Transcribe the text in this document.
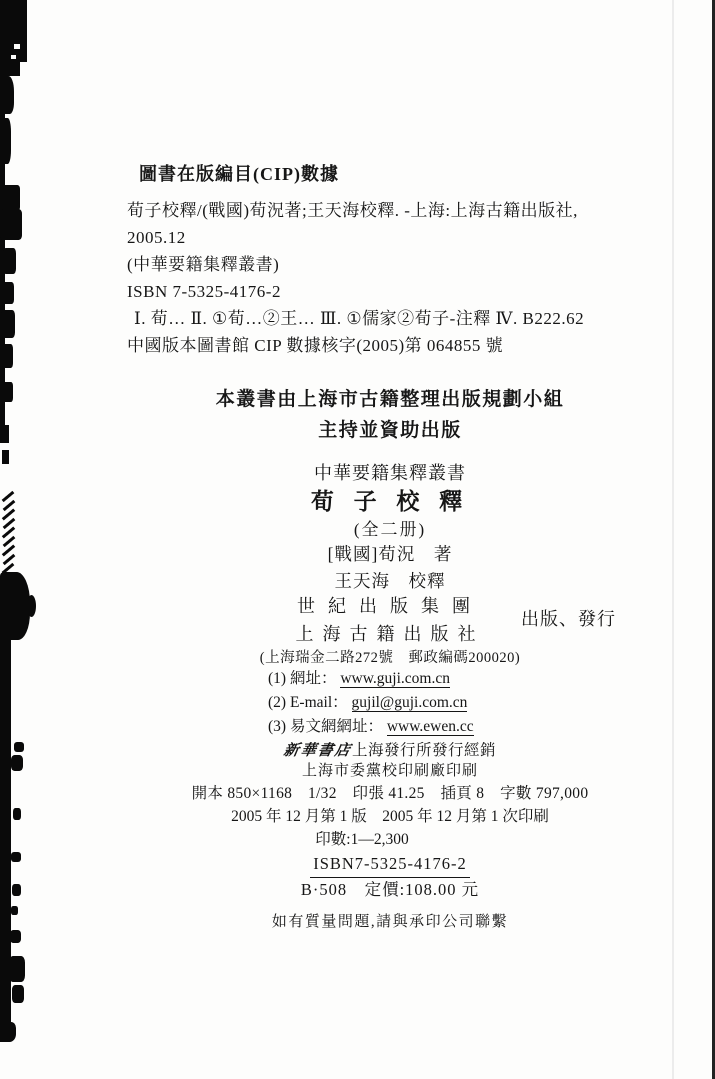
圖書在版編目(CIP)數據
荀子校釋/(戰國)荀況著;王天海校釋. -上海:上海古籍出版社,
2005.12
(中華要籍集釋叢書)
ISBN 7-5325-4176-2
Ⅰ. 荀… Ⅱ. ①荀…②王… Ⅲ. ①儒家②荀子-注釋 Ⅳ. B222.62
中國版本圖書館 CIP 數據核字(2005)第 064855 號
本叢書由上海市古籍整理出版規劃小組
主持並資助出版
中華要籍集釋叢書
荀 子 校 釋
(全二册)
[戰國]荀況　著
王天海　校釋
世紀出版集團
上海古籍出版社
出版、發行
(上海瑞金二路272號　郵政編碼200020)
(1) 網址： www.guji.com.cn
(2) E-mail： gujil@guji.com.cn
(3) 易文網網址： www.ewen.cc
新華書店上海發行所發行經銷
上海市委黨校印刷廠印刷
開本 850×1168　1/32　印張 41.25　插頁 8　字數 797,000
2005 年 12 月第 1 版　2005 年 12 月第 1 次印刷
印數:1—2,300
ISBN7-5325-4176-2
B·508　定價:108.00 元
如有質量問題,請與承印公司聯繫
